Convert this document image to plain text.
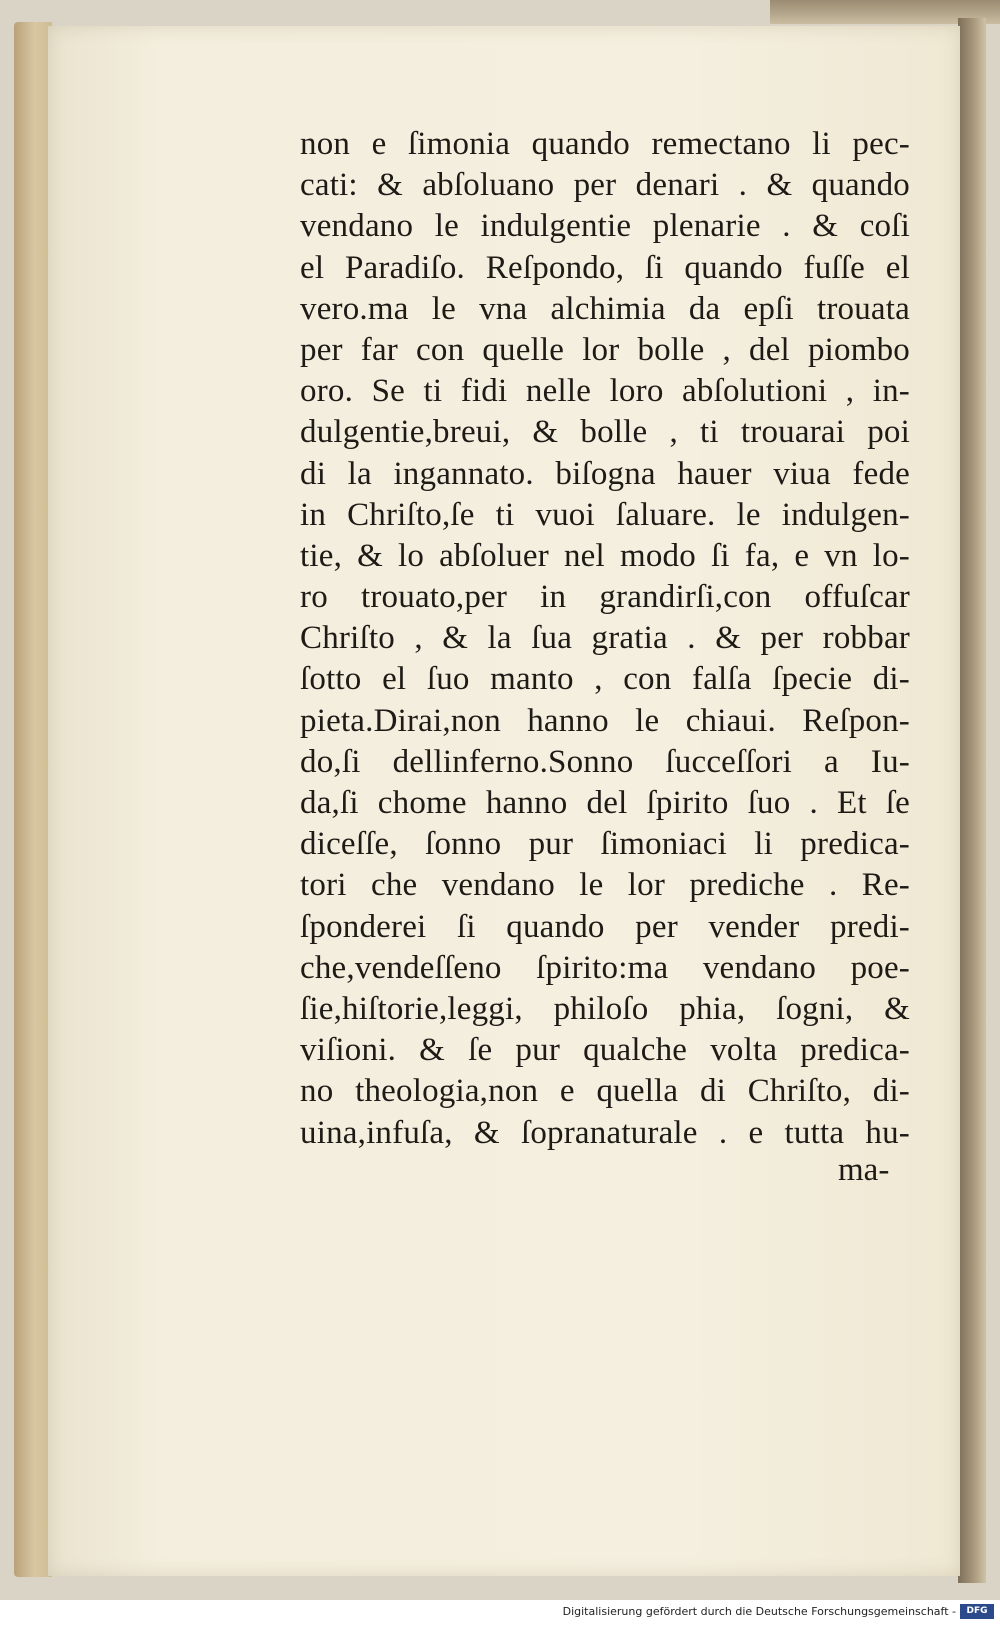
non e ſimonia quando remectano li pec-
cati: & abſoluano per denari . & quando
vendano le indulgentie plenarie . & coſi
el Paradiſo. Reſpondo, ſi quando fuſſe el
vero.ma le vna alchimia da epſi trouata
per far con quelle lor bolle , del piombo
oro. Se ti fidi nelle loro abſolutioni , in-
dulgentie,breui, & bolle , ti trouarai poi
di la ingannato. biſogna hauer viua fede
in Chriſto,ſe ti vuoi ſaluare. le indulgen-
tie, & lo abſoluer nel modo ſi fa, e vn lo-
ro trouato,per in grandirſi,con offuſcar
Chriſto , & la ſua gratia . & per robbar
ſotto el ſuo manto , con falſa ſpecie di-
pieta.Dirai,non hanno le chiaui. Reſpon-
do,ſi dellinferno.Sonno ſucceſſori a Iu-
da,ſi chome hanno del ſpirito ſuo . Et ſe
diceſſe, ſonno pur ſimoniaci li predica-
tori che vendano le lor prediche . Re-
ſponderei ſi quando per vender predi-
che,vendeſſeno ſpirito:ma vendano poe-
ſie,hiſtorie,leggi, philoſo phia, ſogni, &
viſioni. & ſe pur qualche volta predica-
no theologia,non e quella di Chriſto, di-
uina,infuſa, & ſopranaturale . e tutta hu-
ma-
Digitalisierung gefördert durch die Deutsche Forschungsgemeinschaft -	DFG
